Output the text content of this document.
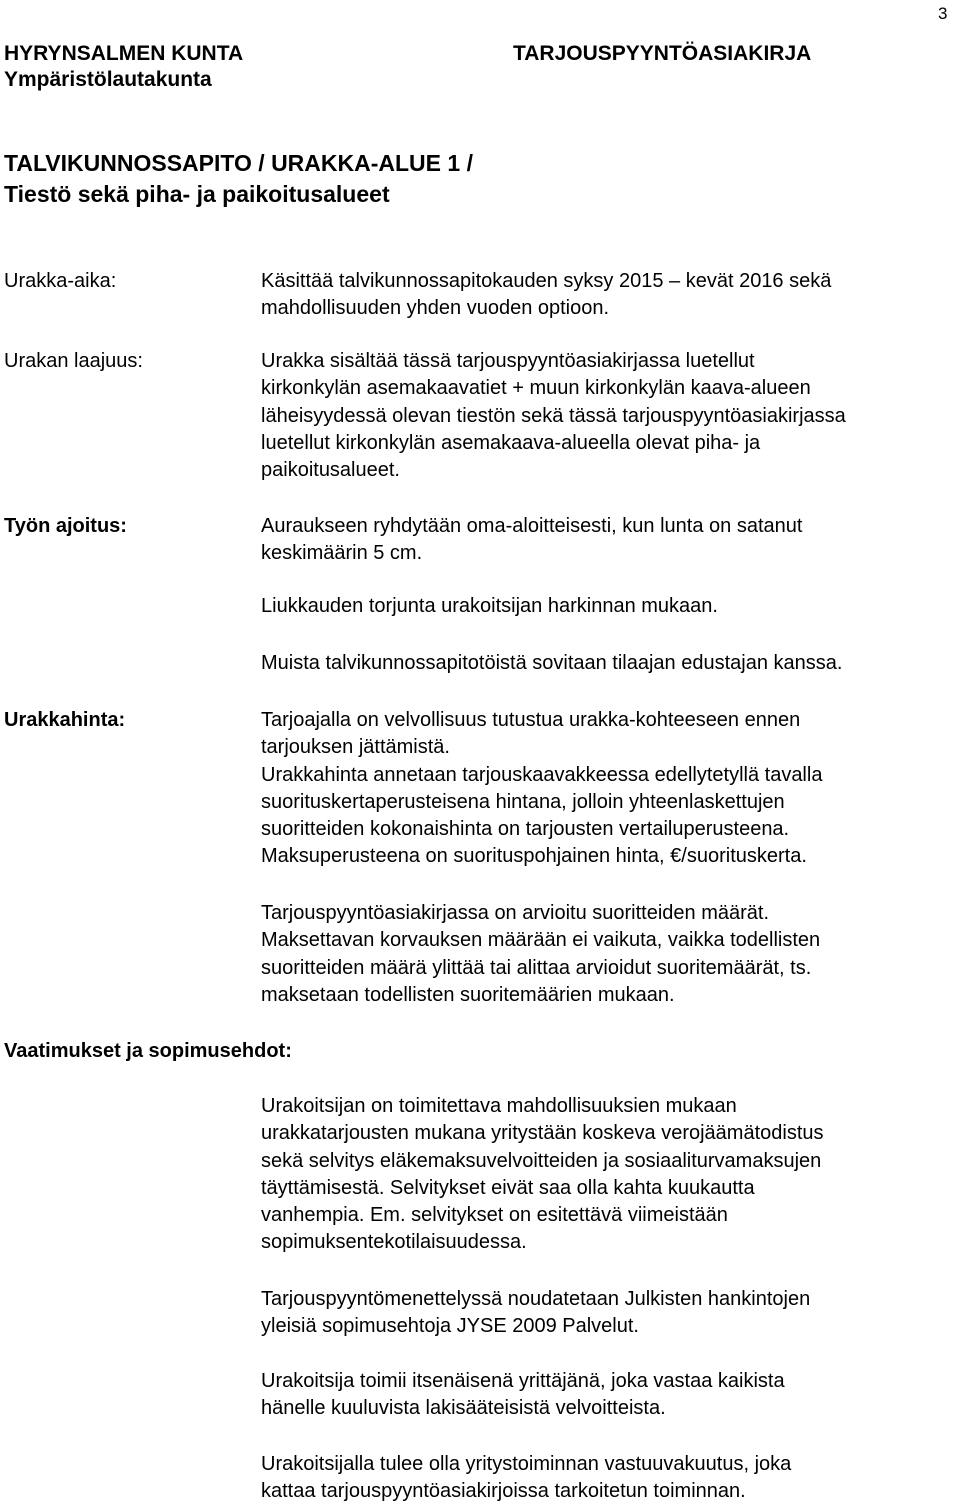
3
HYRYNSALMEN KUNTA
Ympäristölautakunta
TARJOUSPYYNTÖASIAKIRJA
TALVIKUNNOSSAPITO / URAKKA-ALUE 1 /
Tiestö sekä piha- ja paikoitusalueet
Urakka-aika:
Urakan laajuus:
Työn ajoitus:
Urakkahinta:
Vaatimukset ja sopimusehdot:
Käsittää talvikunnossapitokauden syksy 2015 – kevät 2016 sekä
mahdollisuuden yhden vuoden optioon.
Urakka sisältää tässä tarjouspyyntöasiakirjassa luetellut
kirkonkylän asemakaavatiet + muun kirkonkylän kaava-alueen
läheisyydessä olevan tiestön sekä tässä tarjouspyyntöasiakirjassa
luetellut kirkonkylän asemakaava-alueella olevat piha- ja
paikoitusalueet.
Auraukseen ryhdytään oma-aloitteisesti, kun lunta on satanut
keskimäärin 5 cm.
Liukkauden torjunta urakoitsijan harkinnan mukaan.
Muista talvikunnossapitotöistä sovitaan tilaajan edustajan kanssa.
Tarjoajalla on velvollisuus tutustua urakka-kohteeseen ennen
tarjouksen jättämistä.
Urakkahinta annetaan tarjouskaavakkeessa edellytetyllä tavalla
suorituskertaperusteisena hintana, jolloin yhteenlaskettujen
suoritteiden kokonaishinta on tarjousten vertailuperusteena.
Maksuperusteena on suorituspohjainen hinta, €/suorituskerta.
Tarjouspyyntöasiakirjassa on arvioitu suoritteiden määrät.
Maksettavan korvauksen määrään ei vaikuta, vaikka todellisten
suoritteiden määrä ylittää tai alittaa arvioidut suoritemäärät, ts.
maksetaan todellisten suoritemäärien mukaan.
Urakoitsijan on toimitettava mahdollisuuksien mukaan
urakkatarjousten mukana yritystään koskeva verojäämätodistus
sekä selvitys eläkemaksuvelvoitteiden ja sosiaaliturvamaksujen
täyttämisestä. Selvitykset eivät saa olla kahta kuukautta
vanhempia. Em. selvitykset on esitettävä viimeistään
sopimuksentekotilaisuudessa.
Tarjouspyyntömenettelyssä noudatetaan Julkisten hankintojen
yleisiä sopimusehtoja JYSE 2009 Palvelut.
Urakoitsija toimii itsenäisenä yrittäjänä, joka vastaa kaikista
hänelle kuuluvista lakisääteisistä velvoitteista.
Urakoitsijalla tulee olla yritystoiminnan vastuuvakuutus, joka
kattaa tarjouspyyntöasiakirjoissa tarkoitetun toiminnan.
